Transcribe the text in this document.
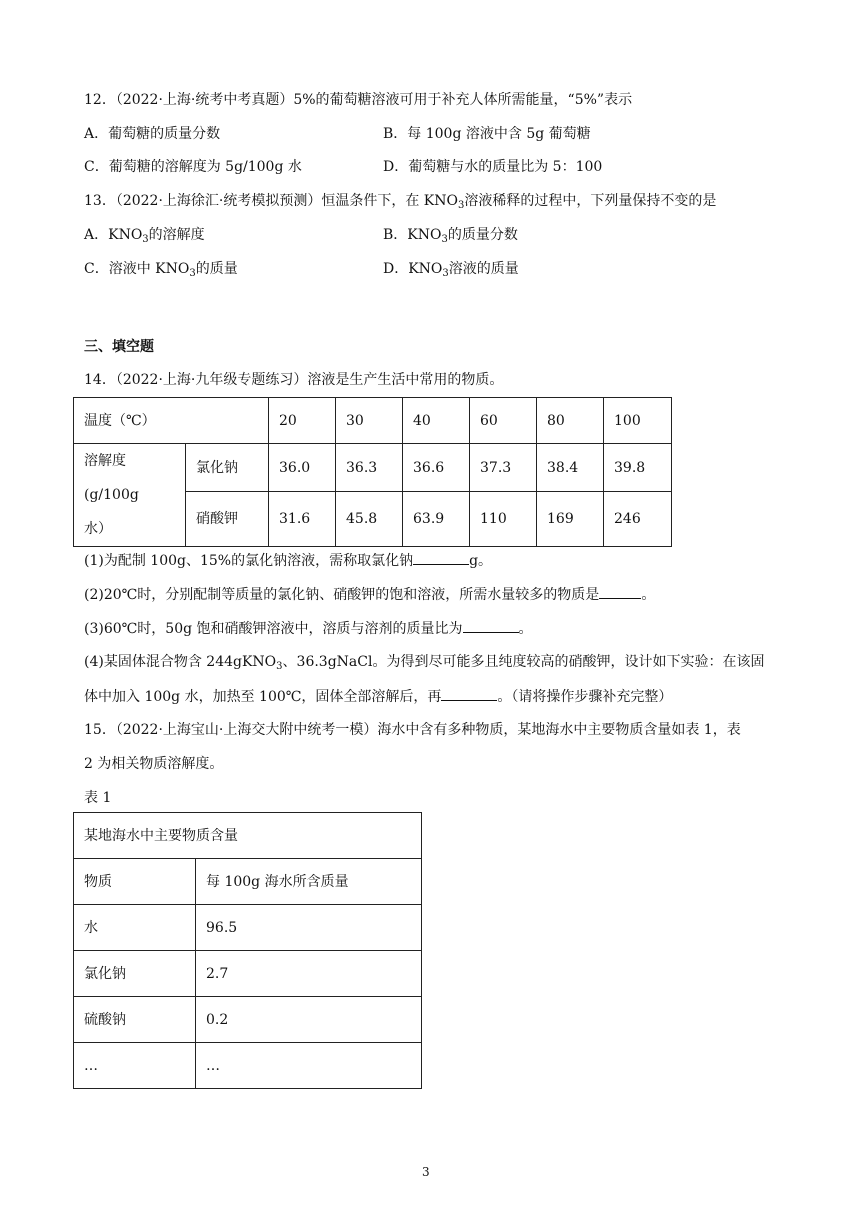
12．（2022·上海·统考中考真题）5%的葡萄糖溶液可用于补充人体所需能量，“5%”表示
A．葡萄糖的质量分数	B．每 100g 溶液中含 5g 葡萄糖
C．葡萄糖的溶解度为 5g/100g 水	D．葡萄糖与水的质量比为 5：100
13．（2022·上海徐汇·统考模拟预测）恒温条件下，在 $KNO_3$溶液稀释的过程中，下列量保持不变的是
A．$KNO_3$的溶解度	B．$KNO_3$的质量分数
C．溶液中 $KNO_3$的质量	D．$KNO_3$溶液的质量
三、填空题
14．（2022·上海·九年级专题练习）溶液是生产生活中常用的物质。
温度（℃）		20	30	40	60	80	100

溶解度(g/100g
水）	氯化钠	36.0	36.3	36.6	37.3	38.4	39.8
	硝酸钾	31.6	45.8	63.9	110	169	246
(1)为配制 100g、15%的氯化钠溶液，需称取氯化钠	g。
(2)20℃时，分别配制等质量的氯化钠、硝酸钾的饱和溶液，所需水量较多的物质是	。
(3)60℃时，50g 饱和硝酸钾溶液中，溶质与溶剂的质量比为	。
(4)某固体混合物含 244gKNO$_3$、36.3gNaCl。为得到尽可能多且纯度较高的硝酸钾，设计如下实验：在该固
体中加入 100g 水，加热至 100℃，固体全部溶解后，再	。（请将操作步骤补充完整）
15．（2022·上海宝山·上海交大附中统考一模）海水中含有多种物质，某地海水中主要物质含量如表 1，表
2 为相关物质溶解度。
表 1
某地海水中主要物质含量	
物质	每 100g 海水所含质量
水	96.5
氯化钠	2.7
硫酸钠	0.2
…	…
3
